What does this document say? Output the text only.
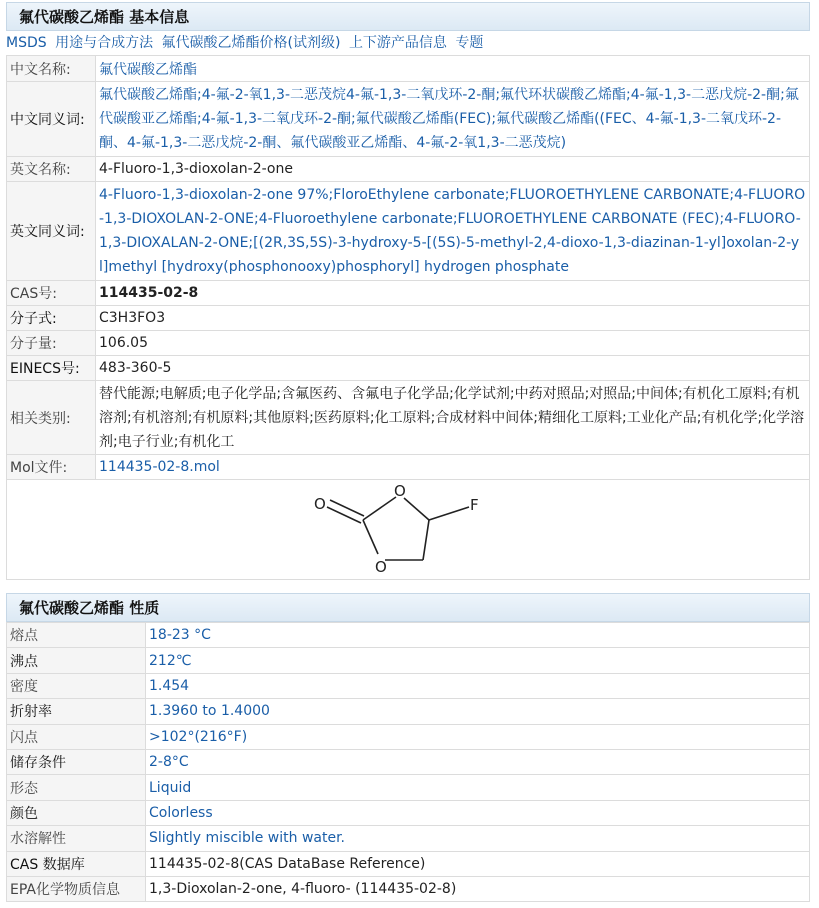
氟代碳酸乙烯酯 基本信息
MSDS 用途与合成方法 氟代碳酸乙烯酯价格(试剂级) 上下游产品信息 专题
中文名称:	氟代碳酸乙烯酯
中文同义词:	氟代碳酸乙烯酯;4-氟-2-氧1,3-二恶茂烷4-氟-1,3-二氧戊环-2-酮;氟代环状碳酸乙烯酯;4-氟-1,3-二恶戊烷-2-酮;氟代碳酸亚乙烯酯;4-氟-1,3-二氧戊环-2-酮;氟代碳酸乙烯酯(FEC);氟代碳酸乙烯酯((FEC、4-氟-1,3-二氧戊环-2-酮、4-氟-1,3-二恶戊烷-2-酮、氟代碳酸亚乙烯酯、4-氟-2-氧1,3-二恶茂烷)
英文名称:	4-Fluoro-1,3-dioxolan-2-one
英文同义词:	4-Fluoro-1,3-dioxolan-2-one 97%;FloroEthylene carbonate;FLUOROETHYLENE CARBONATE;4-FLUORO-1,3-DIOXOLAN-2-ONE;4-Fluoroethylene carbonate;FLUOROETHYLENE CARBONATE (FEC);4-FLUORO-1,3-DIOXALAN-2-ONE;[(2R,3S,5S)-3-hydroxy-5-[(5S)-5-methyl-2,4-dioxo-1,3-diazinan-1-yl]oxolan-2-yl]methyl [hydroxy(phosphonooxy)phosphoryl] hydrogen phosphate
CAS号:	114435-02-8
分子式:	C3H3FO3
分子量:	106.05
EINECS号:	483-360-5
相关类别:	替代能源;电解质;电子化学品;含氟医药、含氟电子化学品;化学试剂;中药对照品;对照品;中间体;有机化工原料;有机溶剂;有机溶剂;有机原料;其他原料;医药原料;化工原料;合成材料中间体;精细化工原料;工业化产品;有机化学;化学溶剂;电子行业;有机化工
Mol文件:	114435-02-8.mol

O
O
O
F	
氟代碳酸乙烯酯 性质
熔点	18-23 °C
沸点	212℃
密度	1.454
折射率	1.3960 to 1.4000
闪点	>102°(216°F)
储存条件	2-8°C
形态	Liquid
颜色	Colorless
水溶解性	Slightly miscible with water.
CAS 数据库	114435-02-8(CAS DataBase Reference)
EPA化学物质信息	1,3-Dioxolan-2-one, 4-fluoro- (114435-02-8)
